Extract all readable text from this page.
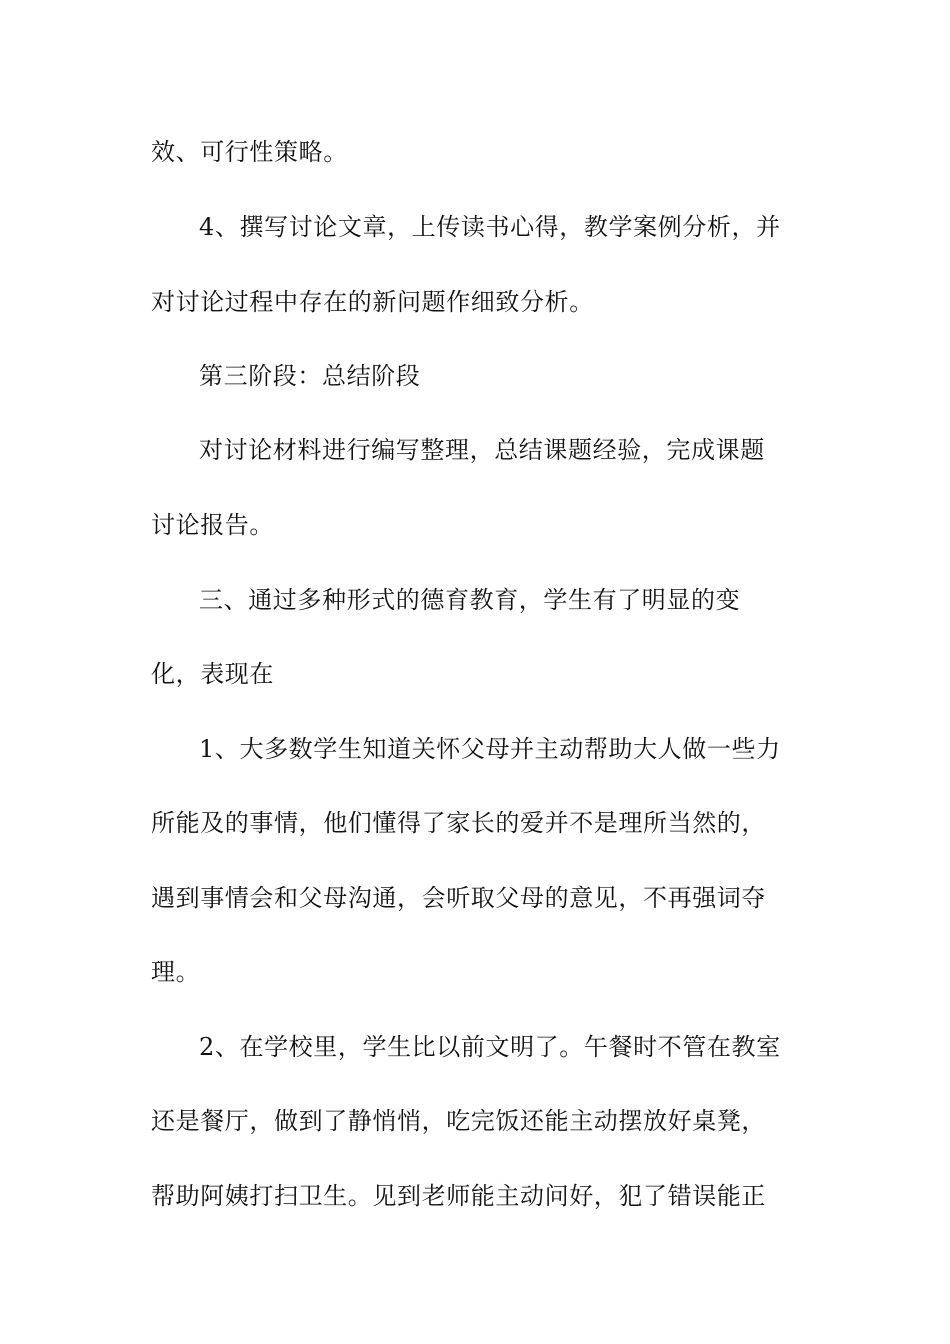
效、可行性策略。
4、撰写讨论文章，上传读书心得，教学案例分析，并
对讨论过程中存在的新问题作细致分析。
第三阶段：总结阶段
对讨论材料进行编写整理，总结课题经验，完成课题
讨论报告。
三、通过多种形式的德育教育，学生有了明显的变
化，表现在
1、大多数学生知道关怀父母并主动帮助大人做一些力
所能及的事情，他们懂得了家长的爱并不是理所当然的，
遇到事情会和父母沟通，会听取父母的意见，不再强词夺
理。
2、在学校里，学生比以前文明了。午餐时不管在教室
还是餐厅，做到了静悄悄，吃完饭还能主动摆放好桌凳，
帮助阿姨打扫卫生。见到老师能主动问好，犯了错误能正
